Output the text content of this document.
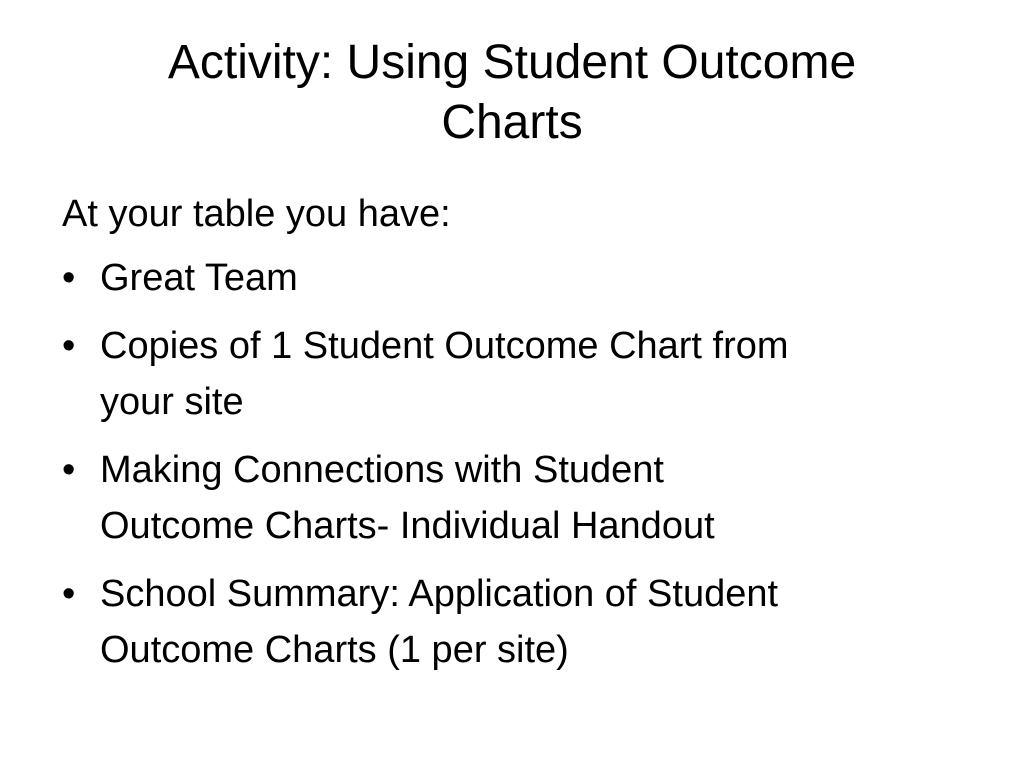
Activity: Using Student Outcome
Charts

At your table you have:

• Great Team
• Copies of 1 Student Outcome Chart from
your site
• Making Connections with Student
Outcome Charts- Individual Handout
• School Summary: Application of Student
Outcome Charts (1 per site)
